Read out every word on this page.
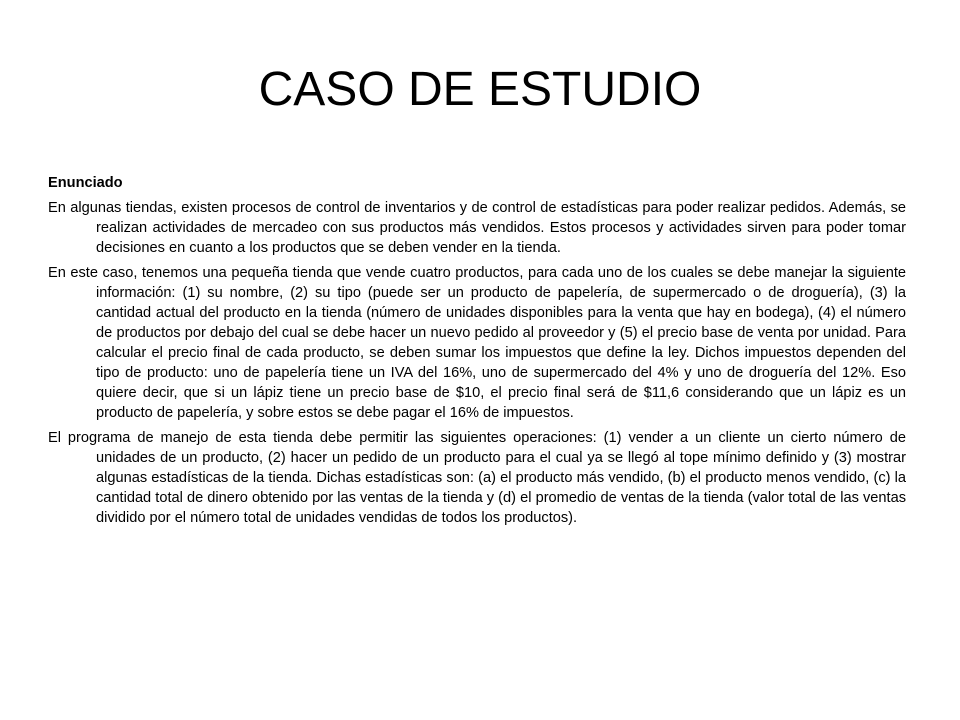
CASO DE ESTUDIO

Enunciado

En algunas tiendas, existen procesos de control de inventarios y de control de estadísticas para poder realizar pedidos. Además, se realizan actividades de mercadeo con sus productos más vendidos. Estos procesos y actividades sirven para poder tomar decisiones en cuanto a los productos que se deben vender en la tienda.

En este caso, tenemos una pequeña tienda que vende cuatro productos, para cada uno de los cuales se debe manejar la siguiente información: (1) su nombre, (2) su tipo (puede ser un producto de papelería, de supermercado o de droguería), (3) la cantidad actual del producto en la tienda (número de unidades disponibles para la venta que hay en bodega), (4) el número de productos por debajo del cual se debe hacer un nuevo pedido al proveedor y (5) el precio base de venta por unidad. Para calcular el precio final de cada producto, se deben sumar los impuestos que define la ley. Dichos impuestos dependen del tipo de producto: uno de papelería tiene un IVA del 16%, uno de supermercado del 4% y uno de droguería del 12%. Eso quiere decir, que si un lápiz tiene un precio base de $10, el precio final será de $11,6 considerando que un lápiz es un producto de papelería, y sobre estos se debe pagar el 16% de impuestos.

El programa de manejo de esta tienda debe permitir las siguientes operaciones: (1) vender a un cliente un cierto número de unidades de un producto, (2) hacer un pedido de un producto para el cual ya se llegó al tope mínimo definido y (3) mostrar algunas estadísticas de la tienda. Dichas estadísticas son: (a) el producto más vendido, (b) el producto menos vendido, (c) la cantidad total de dinero obtenido por las ventas de la tienda y (d) el promedio de ventas de la tienda (valor total de las ventas dividido por el número total de unidades vendidas de todos los productos).
